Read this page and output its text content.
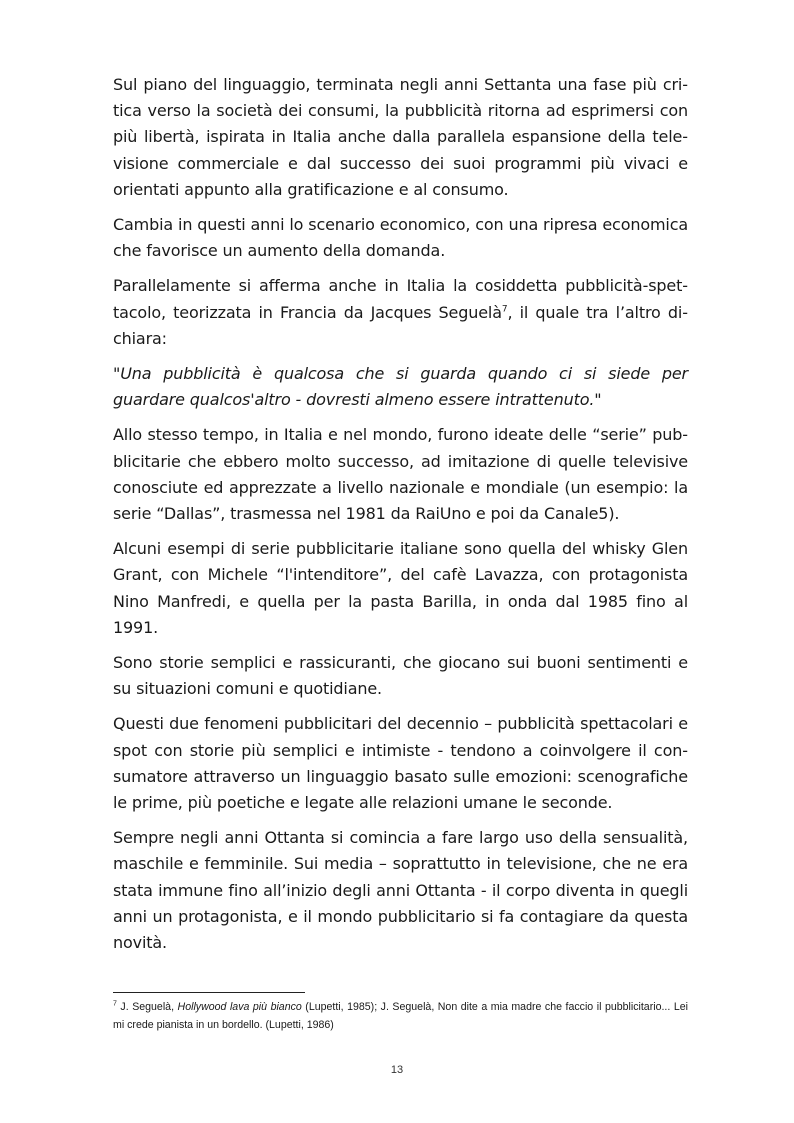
Sul piano del linguaggio, terminata negli anni Settanta una fase più critica verso la società dei consumi, la pubblicità ritorna ad esprimersi con più libertà, ispirata in Italia anche dalla parallela espansione della televisione commerciale e dal successo dei suoi programmi più vivaci e orientati appunto alla gratificazione e al consumo.

Cambia in questi anni lo scenario economico, con una ripresa economica che favorisce un aumento della domanda.

Parallelamente si afferma anche in Italia la cosiddetta pubblicità-spettacolo, teorizzata in Francia da Jacques Seguelà$^7$, il quale tra l’altro dichiara:

"Una pubblicità è qualcosa che si guarda quando ci si siede per guardare qualcos'altro - dovresti almeno essere intrattenuto."

Allo stesso tempo, in Italia e nel mondo, furono ideate delle “serie” pubblicitarie che ebbero molto successo, ad imitazione di quelle televisive conosciute ed apprezzate a livello nazionale e mondiale (un esempio: la serie “Dallas”, trasmessa nel 1981 da RaiUno e poi da Canale5).

Alcuni esempi di serie pubblicitarie italiane sono quella del whisky Glen Grant, con Michele “l'intenditore”, del cafè Lavazza, con protagonista Nino Manfredi, e quella per la pasta Barilla, in onda dal 1985 fino al 1991.

Sono storie semplici e rassicuranti, che giocano sui buoni sentimenti e su situazioni comuni e quotidiane.

Questi due fenomeni pubblicitari del decennio – pubblicità spettacolari e spot con storie più semplici e intimiste - tendono a coinvolgere il consumatore attraverso un linguaggio basato sulle emozioni: scenografiche le prime, più poetiche e legate alle relazioni umane le seconde.

Sempre negli anni Ottanta si comincia a fare largo uso della sensualità, maschile e femminile. Sui media – soprattutto in televisione, che ne era stata immune fino all’inizio degli anni Ottanta - il corpo diventa in quegli anni un protagonista, e il mondo pubblicitario si fa contagiare da questa novità.

$^7$ J. Seguelà, Hollywood lava più bianco (Lupetti, 1985); J. Seguelà, Non dite a mia madre che faccio il pubblicitario... Lei mi crede pianista in un bordello. (Lupetti, 1986)

13
